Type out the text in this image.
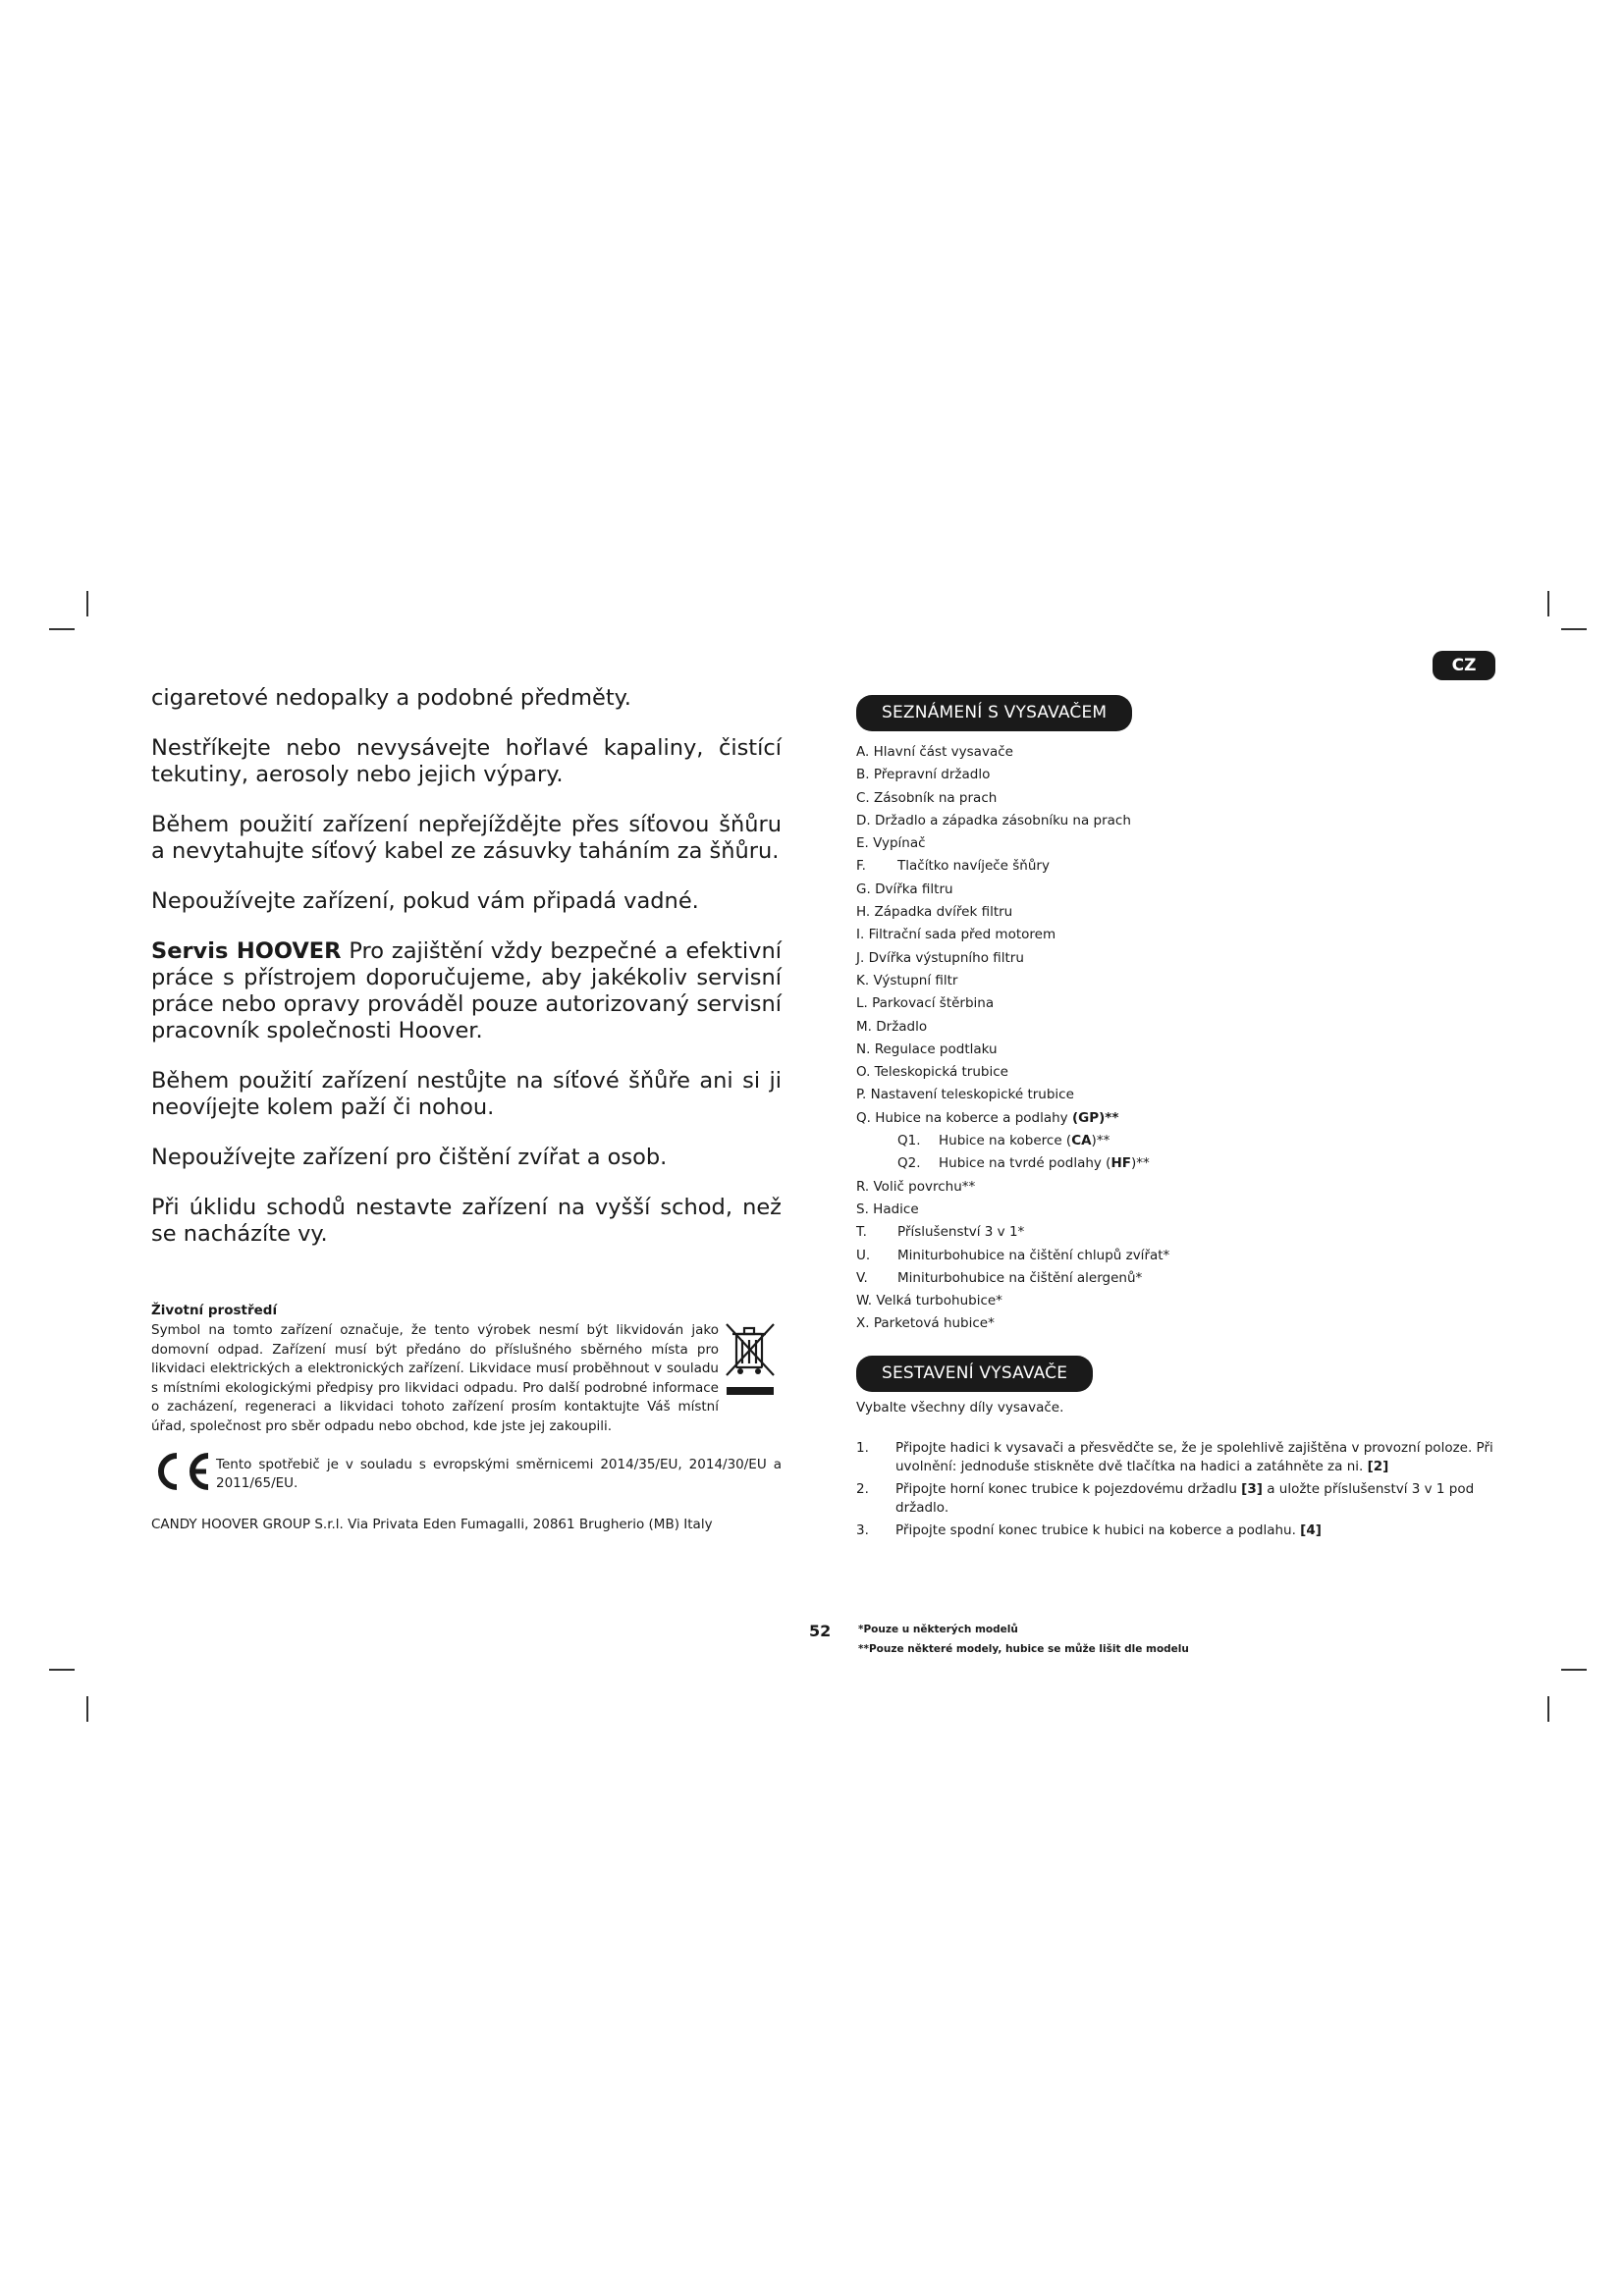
CZ

cigaretové nedopalky a podobné předměty.

Nestříkejte nebo nevysávejte hořlavé kapaliny, čistící tekutiny, aerosoly nebo jejich výpary.

Během použití zařízení nepřejíždějte přes síťovou šňůru a nevytahujte síťový kabel ze zásuvky taháním za šňůru.

Nepoužívejte zařízení, pokud vám připadá vadné.

Servis HOOVER Pro zajištění vždy bezpečné a efektivní práce s přístrojem doporučujeme, aby jakékoliv servisní práce nebo opravy prováděl pouze autorizovaný servisní pracovník společnosti Hoover.

Během použití zařízení nestůjte na síťové šňůře ani si ji neovíjejte kolem paží či nohou.

Nepoužívejte zařízení pro čištění zvířat a osob.

Při úklidu schodů nestavte zařízení na vyšší schod, než se nacházíte vy.

Životní prostředí

Symbol na tomto zařízení označuje, že tento výrobek nesmí být likvidován jako domovní odpad. Zařízení musí být předáno do příslušného sběrného místa pro likvidaci elektrických a elektronických zařízení. Likvidace musí proběhnout v souladu s místními ekologickými předpisy pro likvidaci odpadu. Pro další podrobné informace o zacházení, regeneraci a likvidaci tohoto zařízení prosím kontaktujte Váš místní úřad, společnost pro sběr odpadu nebo obchod, kde jste jej zakoupili.

Tento spotřebič je v souladu s evropskými směrnicemi 2014/35/EU, 2014/30/EU a 2011/65/EU.

CANDY HOOVER GROUP S.r.l. Via Privata Eden Fumagalli, 20861 Brugherio (MB) Italy

SEZNÁMENÍ S VYSAVAČEM
A. Hlavní část vysavače
B. Přepravní držadlo
C. Zásobník na prach
D. Držadlo a západka zásobníku na prach
E. Vypínač
F. Tlačítko navíječe šňůry
G. Dvířka filtru
H. Západka dvířek filtru
I. Filtrační sada před motorem
J. Dvířka výstupního filtru
K. Výstupní filtr
L. Parkovací štěrbina
M. Držadlo
N. Regulace podtlaku
O. Teleskopická trubice
P. Nastavení teleskopické trubice
Q. Hubice na koberce a podlahy (GP)**
Q1. Hubice na koberce (CA)**
Q2. Hubice na tvrdé podlahy (HF)**
R. Volič povrchu**
S. Hadice
T. Příslušenství 3 v 1*
U. Miniturbohubice na čištění chlupů zvířat*
V. Miniturbohubice na čištění alergenů*
W. Velká turbohubice*
X. Parketová hubice*
SESTAVENÍ VYSAVAČE

Vybalte všechny díly vysavače.

1.	Připojte hadici k vysavači a přesvědčte se, že je spolehlivě zajištěna v provozní poloze. Při uvolnění: jednoduše stiskněte dvě tlačítka na hadici a zatáhněte za ni. [2]
2.	Připojte horní konec trubice k pojezdovému držadlu [3] a uložte příslušenství 3 v 1 pod držadlo.
3.	Připojte spodní konec trubice k hubici na koberce a podlahu. [4]
52	*Pouze u některých modelů
**Pouze některé modely, hubice se může lišit dle modelu
